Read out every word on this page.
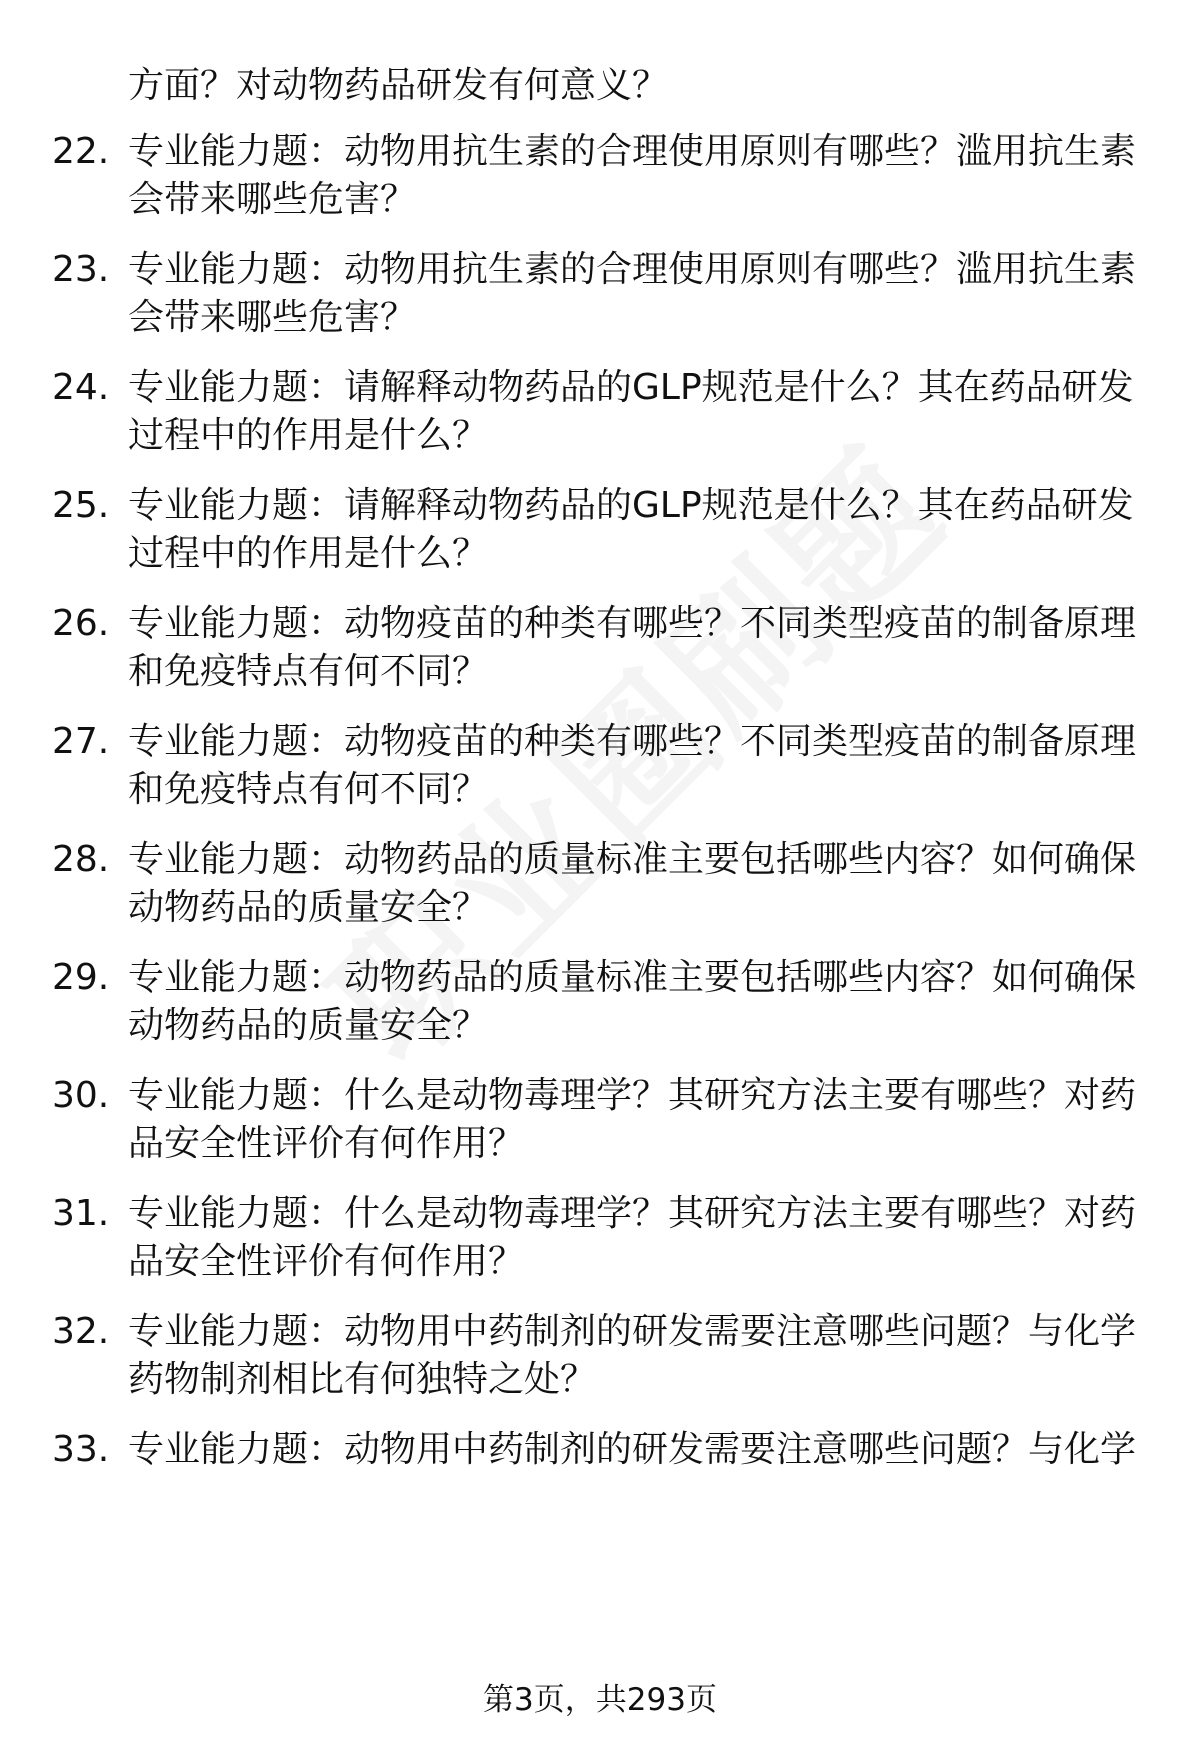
方面？对动物药品研发有何意义？
22. 专业能力题：动物用抗生素的合理使用原则有哪些？滥用抗生素会带来哪些危害？
23. 专业能力题：动物用抗生素的合理使用原则有哪些？滥用抗生素会带来哪些危害？
24. 专业能力题：请解释动物药品的GLP规范是什么？其在药品研发过程中的作用是什么？
25. 专业能力题：请解释动物药品的GLP规范是什么？其在药品研发过程中的作用是什么？
26. 专业能力题：动物疫苗的种类有哪些？不同类型疫苗的制备原理和免疫特点有何不同？
27. 专业能力题：动物疫苗的种类有哪些？不同类型疫苗的制备原理和免疫特点有何不同？
28. 专业能力题：动物药品的质量标准主要包括哪些内容？如何确保动物药品的质量安全？
29. 专业能力题：动物药品的质量标准主要包括哪些内容？如何确保动物药品的质量安全？
30. 专业能力题：什么是动物毒理学？其研究方法主要有哪些？对药品安全性评价有何作用？
31. 专业能力题：什么是动物毒理学？其研究方法主要有哪些？对药品安全性评价有何作用？
32. 专业能力题：动物用中药制剂的研发需要注意哪些问题？与化学药物制剂相比有何独特之处？
33. 专业能力题：动物用中药制剂的研发需要注意哪些问题？与化学
第3页，共293页
